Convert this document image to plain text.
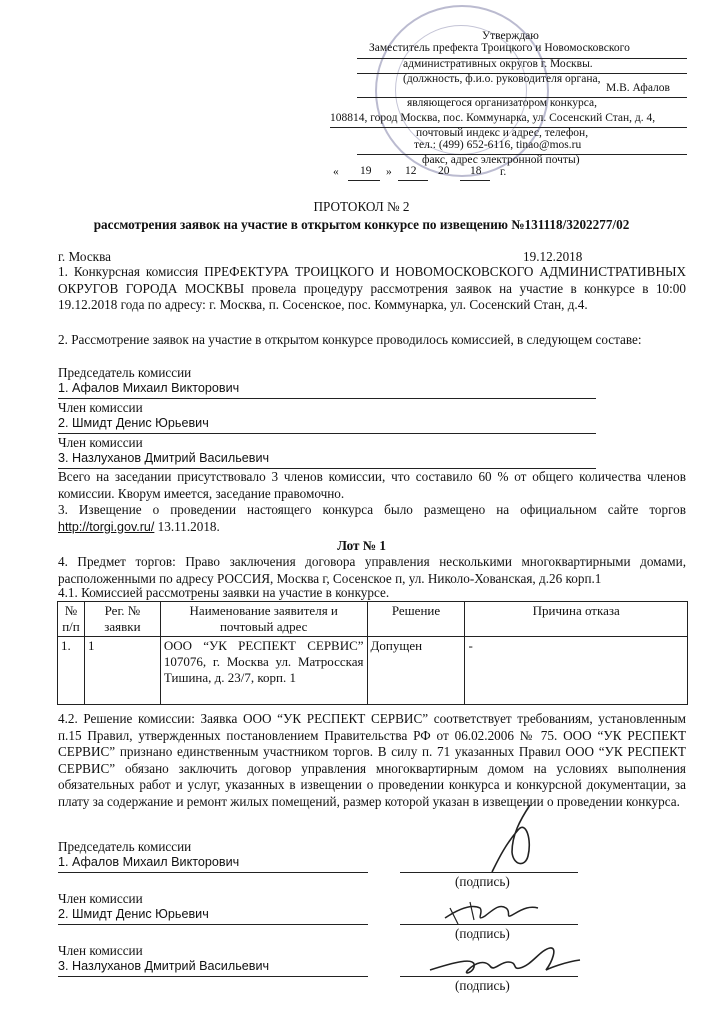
Утверждаю
Заместитель префекта Троицкого и Новомосковского
административных округов г. Москвы.
(должность, ф.и.о. руководителя органа,
М.В. Афалов
являющегося организатором конкурса,
108814, город Москва, пос. Коммунарка, ул. Сосенский Стан, д. 4,
почтовый индекс и адрес, телефон,
тел.: (499) 652-6116, tinao@mos.ru
факс, адрес электронной почты)
« 19 » 12 20 18 г.
ПРОТОКОЛ № 2
рассмотрения заявок на участие в открытом конкурсе по извещению №131118/3202277/02
г. Москва	19.12.2018
1. Конкурсная комиссия ПРЕФЕКТУРА ТРОИЦКОГО И НОВОМОСКОВСКОГО АДМИНИСТРАТИВНЫХ ОКРУГОВ ГОРОДА МОСКВЫ провела процедуру рассмотрения заявок на участие в конкурсе в 10:00 19.12.2018 года по адресу: г. Москва, п. Сосенское, пос. Коммунарка, ул. Сосенский Стан, д.4.
2. Рассмотрение заявок на участие в открытом конкурсе проводилось комиссией, в следующем составе:
Председатель комиссии
1. Афалов Михаил Викторович
Член комиссии
2. Шмидт Денис Юрьевич
Член комиссии
3. Назлуханов Дмитрий Васильевич
Всего на заседании присутствовало 3 членов комиссии, что составило 60 % от общего количества членов комиссии. Кворум имеется, заседание правомочно.
3. Извещение о проведении настоящего конкурса было размещено на официальном сайте торгов http://torgi.gov.ru/ 13.11.2018.
Лот № 1
4. Предмет торгов: Право заключения договора управления несколькими многоквартирными домами, расположенными по адресу РОССИЯ, Москва г, Сосенское п, ул. Николо-Хованская, д.26 корп.1
4.1. Комиссией рассмотрены заявки на участие в конкурсе.
№ п/п	Рег. № заявки	Наименование заявителя и почтовый адрес	Решение	Причина отказа
1.	1	ООО “УК РЕСПЕКТ СЕРВИС” 107076, г. Москва ул. Матросская Тишина, д. 23/7, корп. 1	Допущен	-
4.2. Решение комиссии: Заявка ООО “УК РЕСПЕКТ СЕРВИС” соответствует требованиям, установленным п.15 Правил, утвержденных постановлением Правительства РФ от 06.02.2006 № 75. ООО “УК РЕСПЕКТ СЕРВИС” признано единственным участником торгов. В силу п. 71 указанных Правил ООО “УК РЕСПЕКТ СЕРВИС” обязано заключить договор управления многоквартирным домом на условиях выполнения обязательных работ и услуг, указанных в извещении о проведении конкурса и конкурсной документации, за плату за содержание и ремонт жилых помещений, размер которой указан в извещении о проведении конкурса.
Председатель комиссии
1. Афалов Михаил Викторович
(подпись)
Член комиссии
2. Шмидт Денис Юрьевич
(подпись)
Член комиссии
3. Назлуханов Дмитрий Васильевич
(подпись)
